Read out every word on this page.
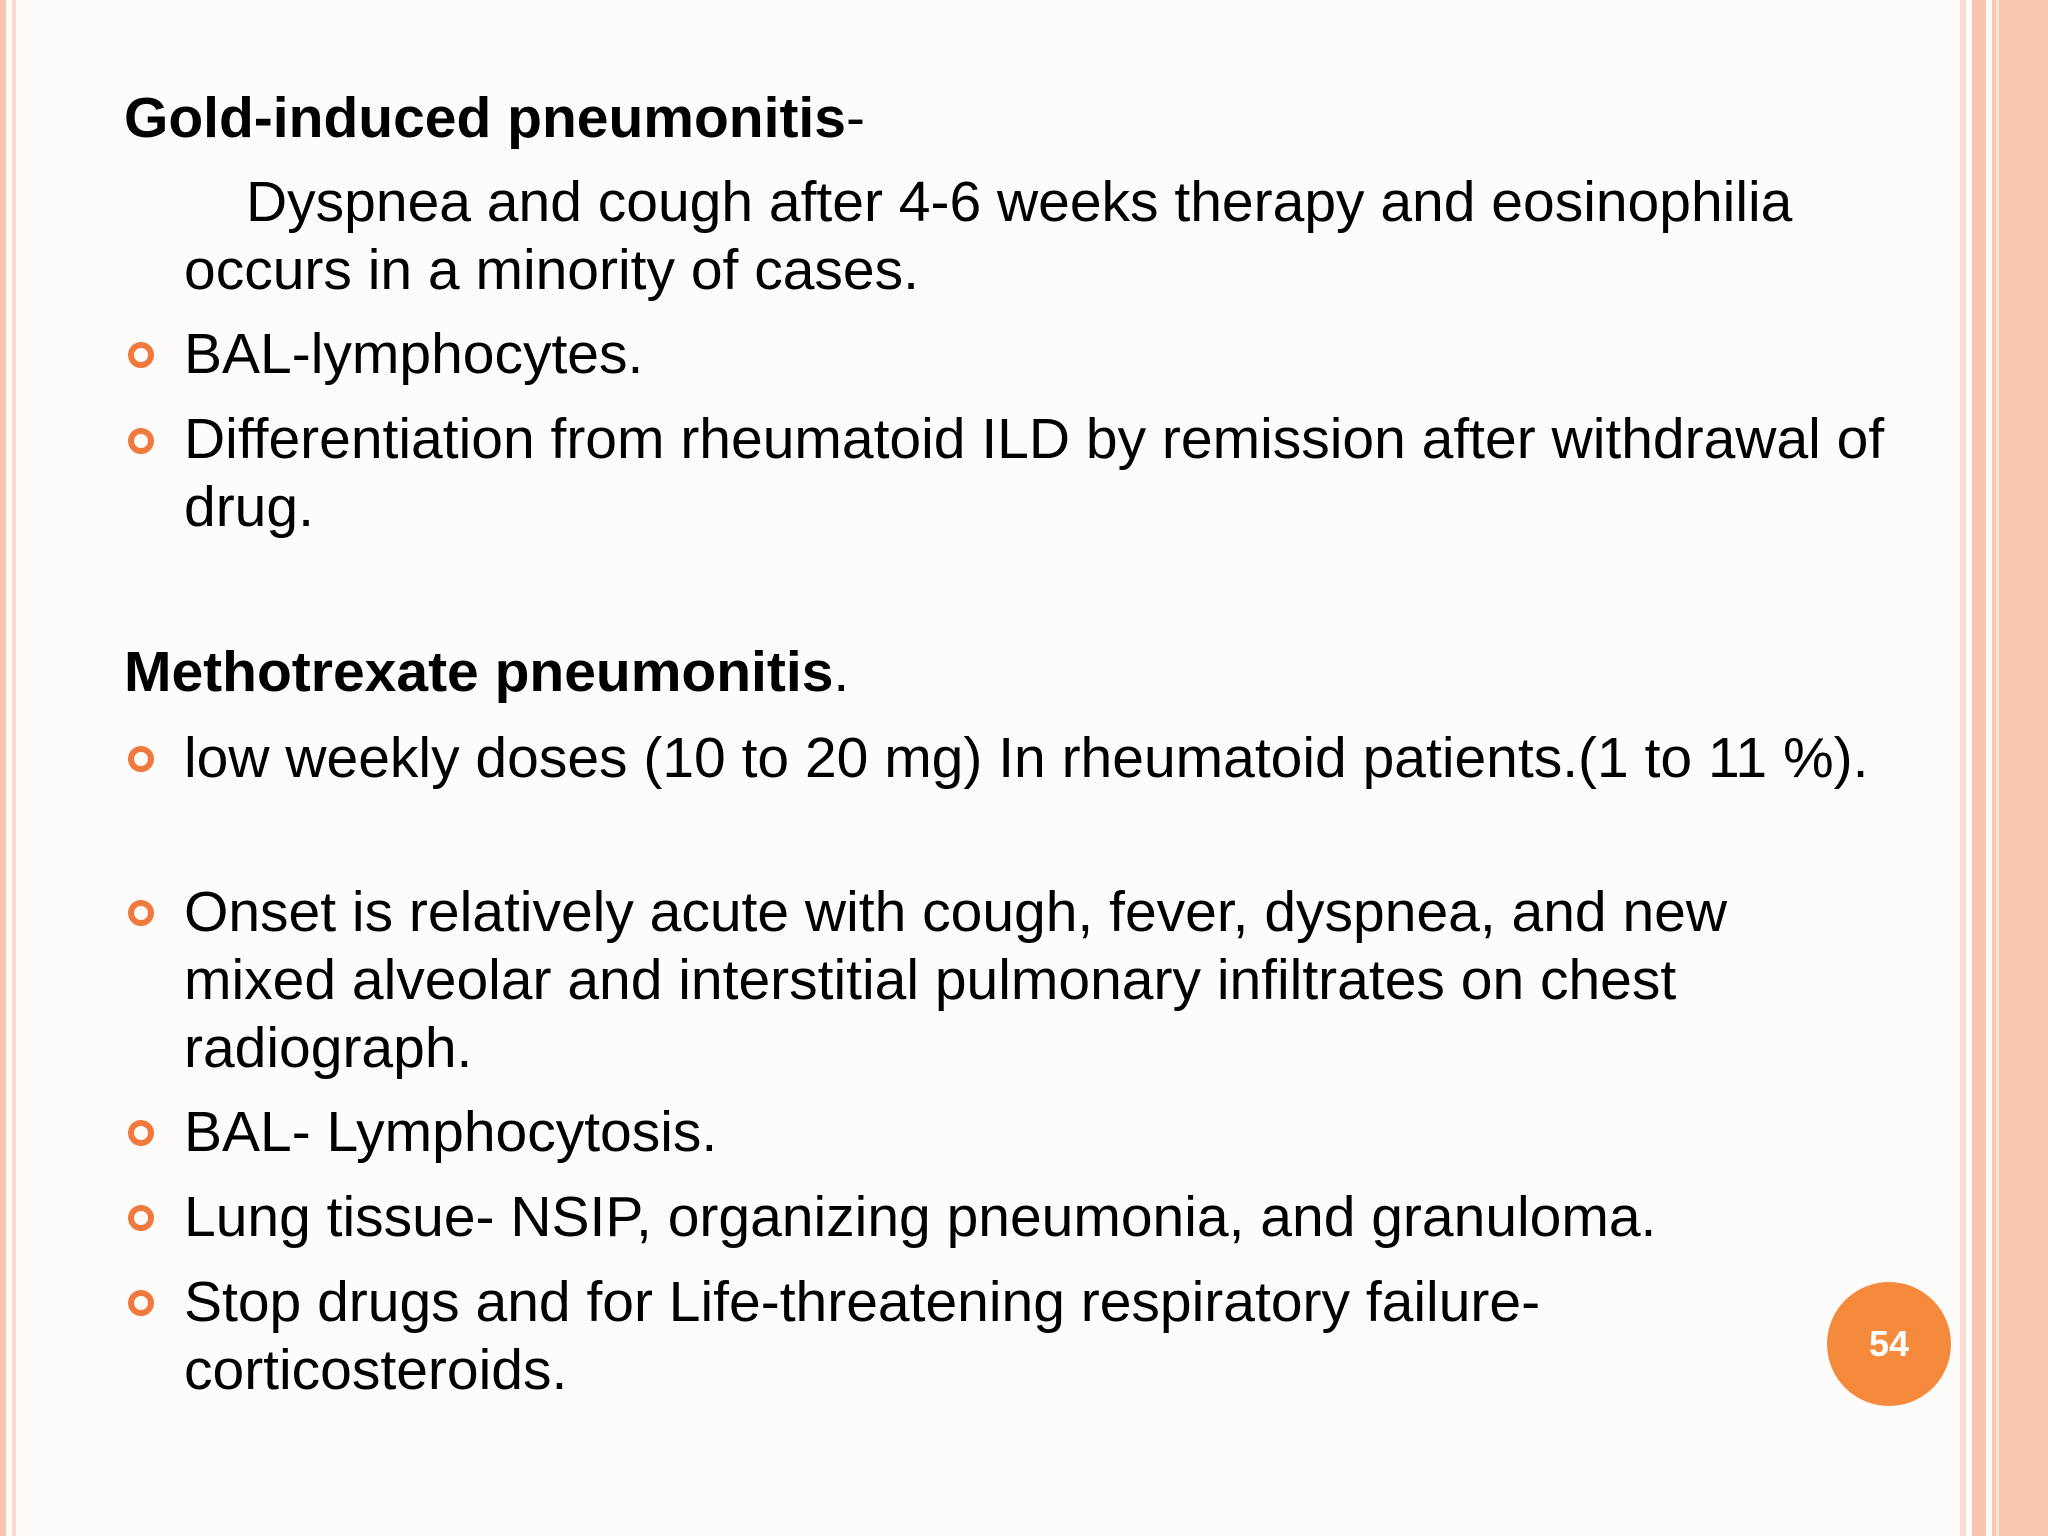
Gold-induced pneumonitis-
Dyspnea and cough after 4-6 weeks therapy and eosinophilia occurs in a minority of cases.
BAL-lymphocytes.
Differentiation from rheumatoid ILD by remission after withdrawal of drug.
Methotrexate pneumonitis.
low weekly doses (10 to 20 mg) In rheumatoid patients.(1 to 11 %).
Onset is relatively acute with cough, fever, dyspnea, and new mixed alveolar and interstitial pulmonary infiltrates on chest radiograph.
BAL- Lymphocytosis.
Lung tissue- NSIP, organizing pneumonia, and granuloma.
Stop drugs and for Life-threatening respiratory failure- corticosteroids.	54
